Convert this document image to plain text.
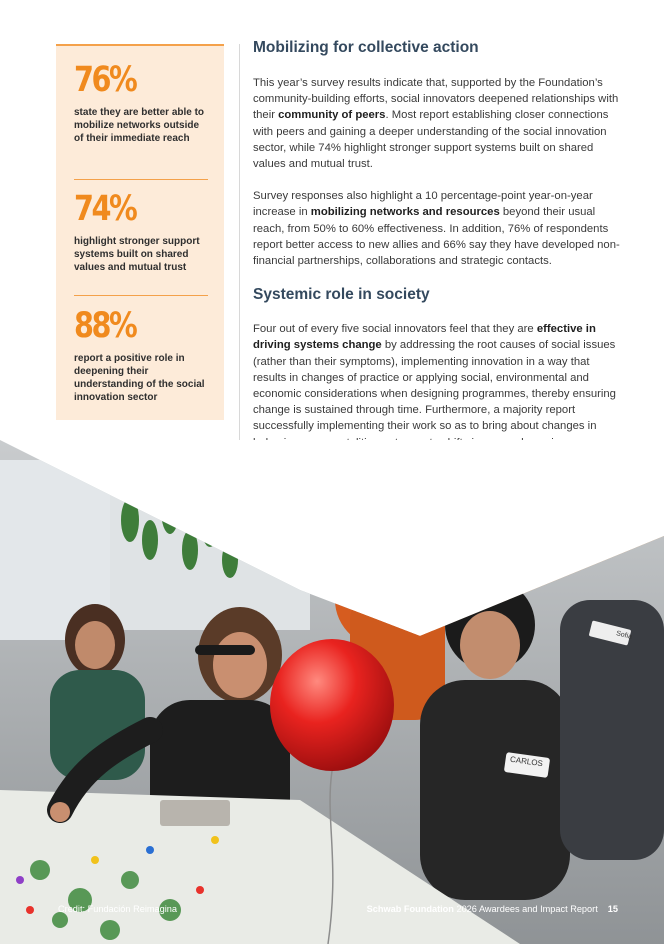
76%
state they are better able to mobilize networks outside of their immediate reach
74%
highlight stronger support systems built on shared values and mutual trust
88%
report a positive role in deepening their understanding of the social innovation sector
Mobilizing for collective action

This year’s survey results indicate that, supported by the Foundation’s community-building efforts, social innovators deepened relationships with their community of peers. Most report establishing closer connections with peers and gaining a deeper understanding of the social innovation sector, while 74% highlight stronger support systems built on shared values and mutual trust.

Survey responses also highlight a 10 percentage-point year-on-year increase in mobilizing networks and resources beyond their usual reach, from 50% to 60% effectiveness. In addition, 76% of respondents report better access to new allies and 66% say they have developed non-financial partnerships, collaborations and strategic contacts.

Systemic role in society

Four out of every five social innovators feel that they are effective in driving systems change by addressing the root causes of social issues (rather than their symptoms), implementing innovation in a way that results in changes of practice or applying social, environmental and economic considerations when designing programmes, thereby ensuring change is sustained through time. Furthermore, a majority report successfully implementing their work so as to bring about changes in

CARLOS
Sofia
Credit: Fundación Reimagina	Schwab Foundation 2026 Awardees and Impact Report 15
